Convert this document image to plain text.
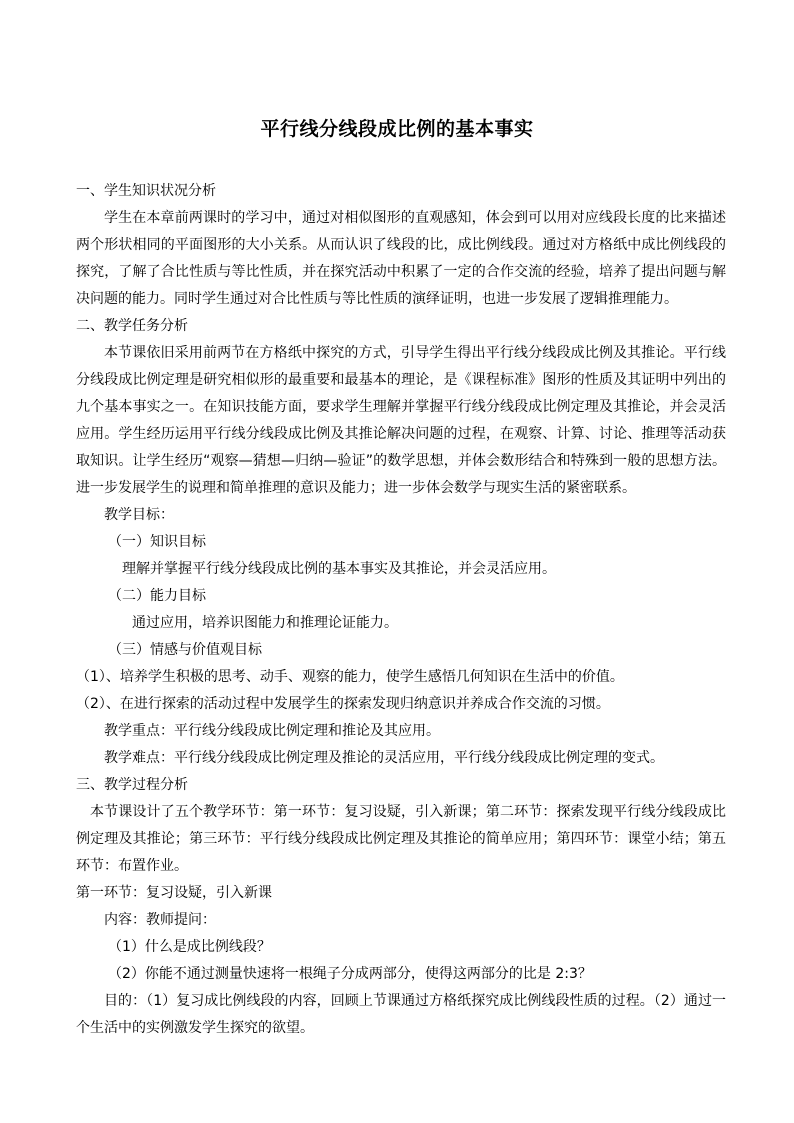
平行线分线段成比例的基本事实

一、学生知识状况分析

学生在本章前两课时的学习中，通过对相似图形的直观感知，体会到可以用对应线段长度的比来描述两个形状相同的平面图形的大小关系。从而认识了线段的比，成比例线段。通过对方格纸中成比例线段的探究，了解了合比性质与等比性质，并在探究活动中积累了一定的合作交流的经验，培养了提出问题与解决问题的能力。同时学生通过对合比性质与等比性质的演绎证明，也进一步发展了逻辑推理能力。

二、教学任务分析

本节课依旧采用前两节在方格纸中探究的方式，引导学生得出平行线分线段成比例及其推论。平行线分线段成比例定理是研究相似形的最重要和最基本的理论，是《课程标准》图形的性质及其证明中列出的九个基本事实之一。在知识技能方面，要求学生理解并掌握平行线分线段成比例定理及其推论，并会灵活应用。学生经历运用平行线分线段成比例及其推论解决问题的过程，在观察、计算、讨论、推理等活动获取知识。让学生经历“观察—猜想—归纳—验证”的数学思想，并体会数形结合和特殊到一般的思想方法。进一步发展学生的说理和简单推理的意识及能力；进一步体会数学与现实生活的紧密联系。

教学目标：

（一）知识目标

理解并掌握平行线分线段成比例的基本事实及其推论，并会灵活应用。

（二）能力目标

通过应用，培养识图能力和推理论证能力。

（三）情感与价值观目标

（1）、培养学生积极的思考、动手、观察的能力，使学生感悟几何知识在生活中的价值。

（2）、在进行探索的活动过程中发展学生的探索发现归纳意识并养成合作交流的习惯。

教学重点：平行线分线段成比例定理和推论及其应用。

教学难点：平行线分线段成比例定理及推论的灵活应用，平行线分线段成比例定理的变式。

三、教学过程分析

本节课设计了五个教学环节：第一环节：复习设疑，引入新课；第二环节：探索发现平行线分线段成比例定理及其推论；第三环节：平行线分线段成比例定理及其推论的简单应用；第四环节：课堂小结；第五环节：布置作业。

第一环节：复习设疑，引入新课

内容：教师提问：

（1）什么是成比例线段？

（2）你能不通过测量快速将一根绳子分成两部分，使得这两部分的比是 2:3？

目的：（1）复习成比例线段的内容，回顾上节课通过方格纸探究成比例线段性质的过程。（2）通过一个生活中的实例激发学生探究的欲望。
